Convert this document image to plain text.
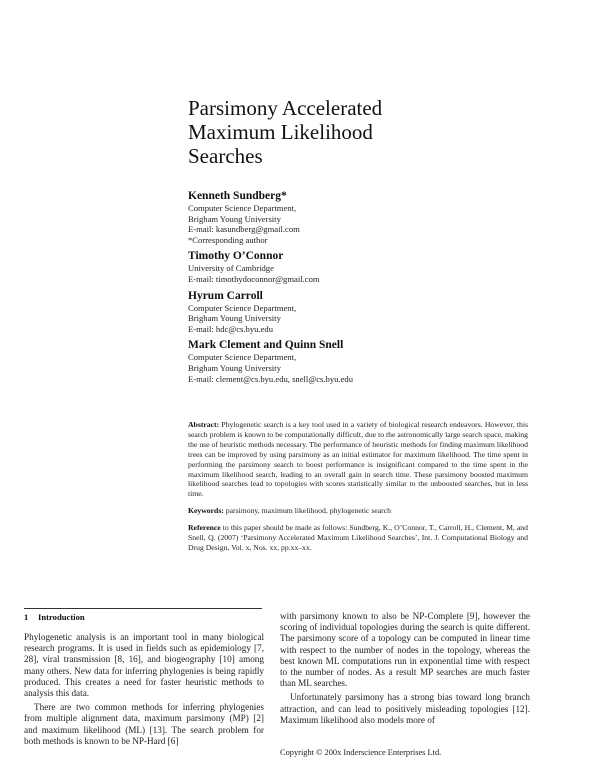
Parsimony Accelerated
Maximum Likelihood
Searches
Kenneth Sundberg*
Computer Science Department,
Brigham Young University
E-mail: kasundberg@gmail.com
*Corresponding author
Timothy O’Connor
University of Cambridge
E-mail: timothydoconnor@gmail.com
Hyrum Carroll
Computer Science Department,
Brigham Young University
E-mail: hdc@cs.byu.edu
Mark Clement and Quinn Snell
Computer Science Department,
Brigham Young University
E-mail: clement@cs.byu.edu, snell@cs.byu.edu
Abstract: Phylogenetic search is a key tool used in a variety of biological research endeavors. However, this search problem is known to be computationally difficult, due to the astronomically large search space, making the use of heuristic methods necessary. The performance of heuristic methods for finding maximum likelihood trees can be improved by using parsimony as an initial estimator for maximum likelihood. The time spent in performing the parsimony search to boost performance is insignificant compared to the time spent in the maximum likelihood search, leading to an overall gain in search time. These parsimony boosted maximum likelihood searches lead to topologies with scores statistically similar to the unboosted searches, but in less time.
Keywords: parsimony, maximum likelihood, phylogenetic search
Reference to this paper should be made as follows: Sundberg, K., O’Connor, T., Carroll, H., Clement, M, and Snell, Q. (2007) ‘Parsimony Accelerated Maximum Likelihood Searches’, Int. J. Computational Biology and Drug Design, Vol. x, Nos. xx, pp.xx–xx.
1 Introduction

Phylogenetic analysis is an important tool in many biological research programs. It is used in fields such as epidemiology [7, 28], viral transmission [8, 16], and biogeography [10] among many others. New data for inferring phylogenies is being rapidly produced. This creates a need for faster heuristic methods to analysis this data.

There are two common methods for inferring phylogenies from multiple alignment data, maximum parsimony (MP) [2] and maximum likelihood (ML) [13]. The search problem for both methods is known to be NP-Hard [6]

with parsimony known to also be NP-Complete [9], however the scoring of individual topologies during the search is quite different. The parsimony score of a topology can be computed in linear time with respect to the number of nodes in the topology, whereas the best known ML computations run in exponential time with respect to the number of nodes. As a result MP searches are much faster than ML searches.

Unfortunately parsimony has a strong bias toward long branch attraction, and can lead to positively misleading topologies [12]. Maximum likelihood also models more of

Copyright © 200x Inderscience Enterprises Ltd.
